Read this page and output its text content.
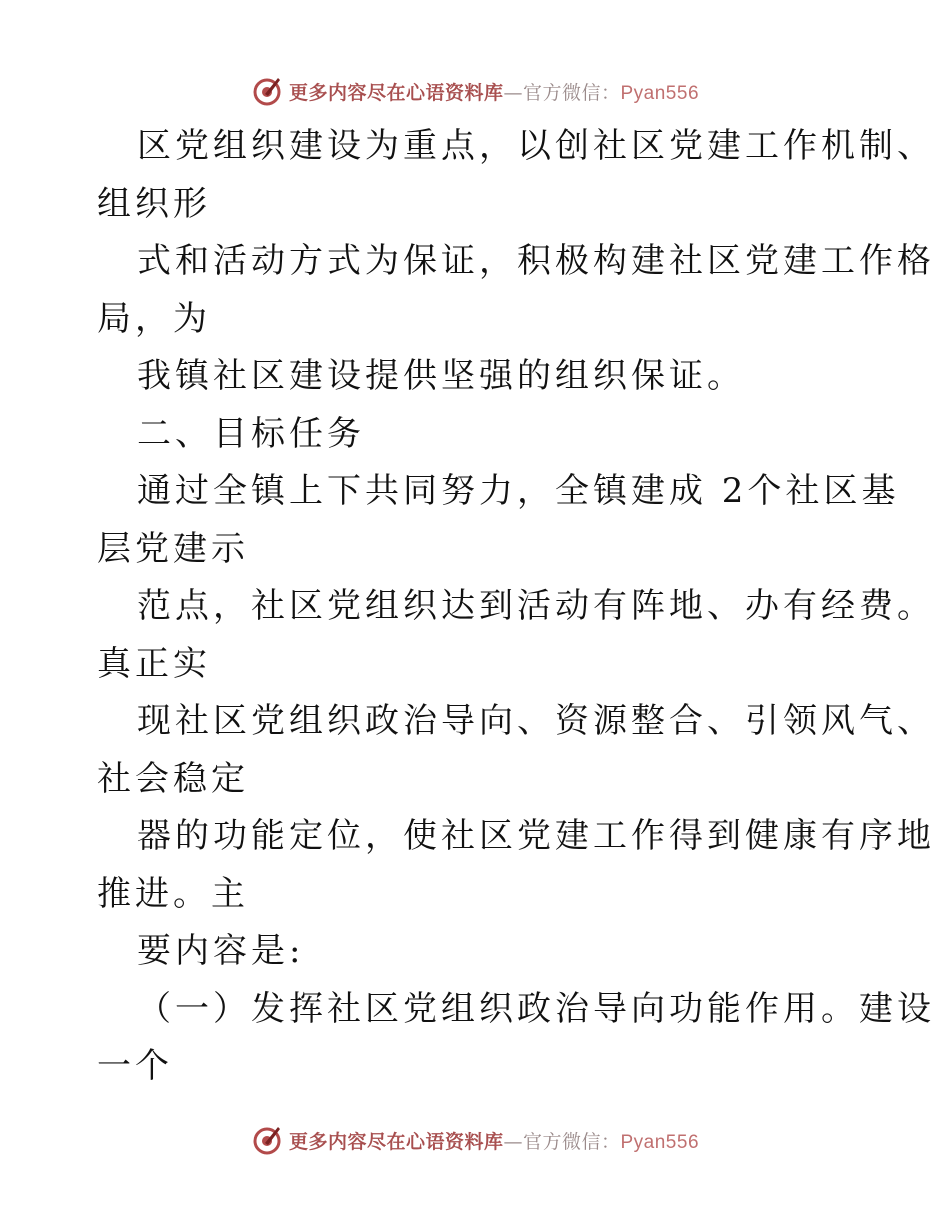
更多内容尽在心语资料库—官方微信：Pyan556
区党组织建设为重点，以创社区党建工作机制、
组织形
式和活动方式为保证，积极构建社区党建工作格
局，为
我镇社区建设提供坚强的组织保证。
二、目标任务
通过全镇上下共同努力，全镇建成 2个社区基
层党建示
范点，社区党组织达到活动有阵地、办有经费。
真正实
现社区党组织政治导向、资源整合、引领风气、
社会稳定
器的功能定位，使社区党建工作得到健康有序地
推进。主
要内容是:
（一）发挥社区党组织政治导向功能作用。建设
一个
更多内容尽在心语资料库—官方微信：Pyan556
